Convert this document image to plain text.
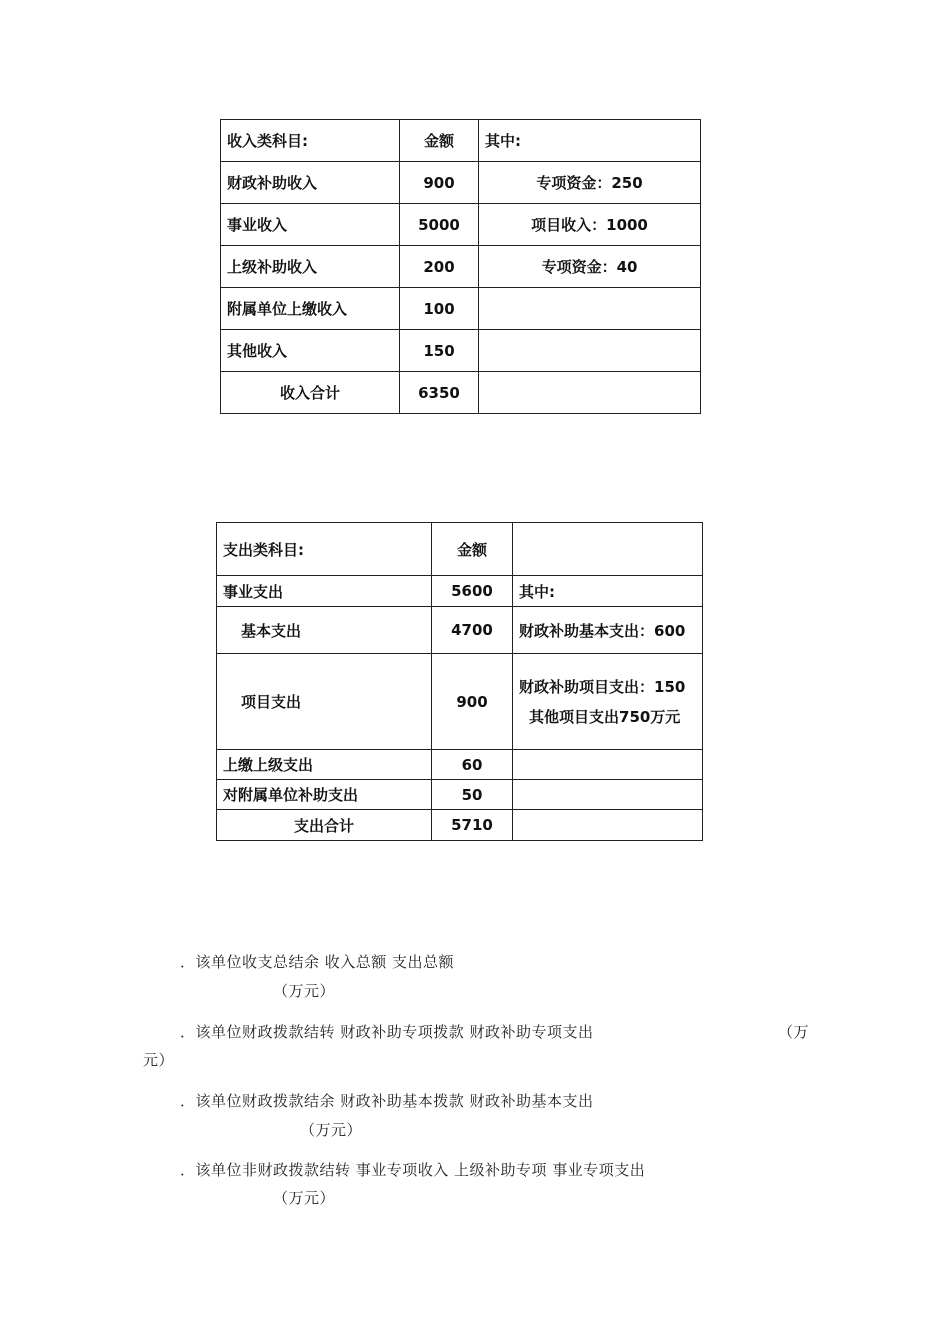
收入类科目:	金额	其中:
财政补助收入	900	专项资金：250
事业收入	5000	项目收入：1000
上级补助收入	200	专项资金：40
附属单位上缴收入	100	
其他收入	150	
收入合计	6350	
支出类科目:	金额	
事业支出	5600	其中:
基本支出	4700	财政补助基本支出：600
项目支出	900	财政补助项目支出：150
其他项目支出750万元

上缴上级支出	60	
对附属单位补助支出	50	
支出合计	5710	
．该单位收支总结余 收入总额 支出总额
（万元）
．该单位财政拨款结转 财政补助专项拨款 财政补助专项支出	（万
元）
．该单位财政拨款结余 财政补助基本拨款 财政补助基本支出
（万元）
．该单位非财政拨款结转 事业专项收入 上级补助专项 事业专项支出
（万元）
